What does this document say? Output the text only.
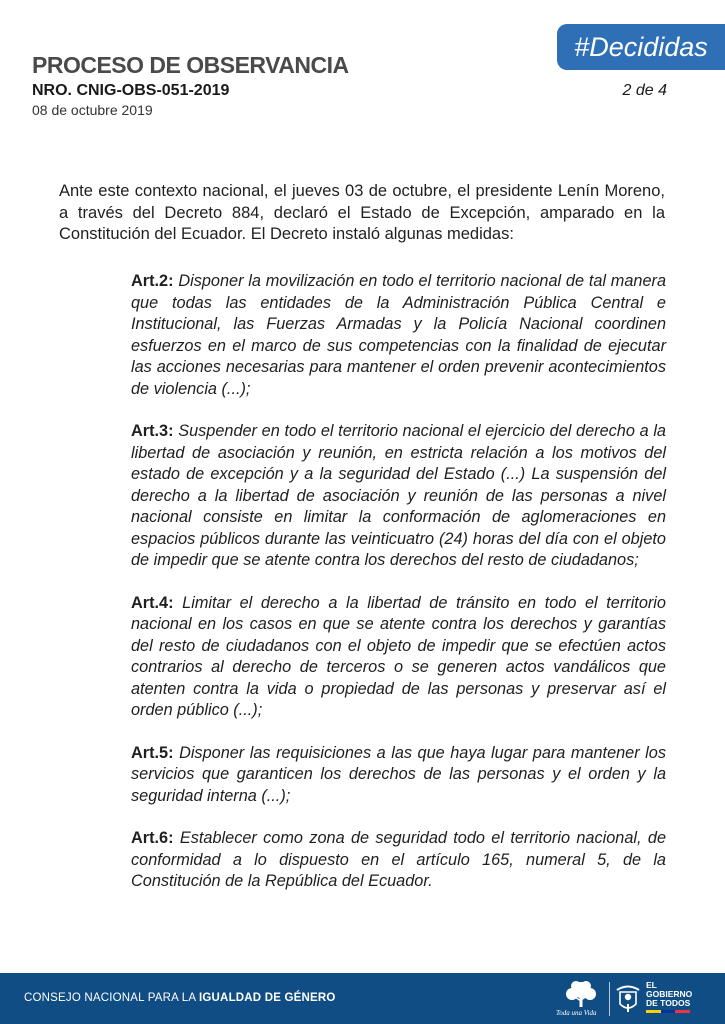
#Decididas
PROCESO DE OBSERVANCIA
NRO. CNIG-OBS-051-2019
08 de octubre 2019
2 de 4

Ante este contexto nacional, el jueves 03 de octubre, el presidente Lenín Moreno, a través del Decreto 884, declaró el Estado de Excepción, amparado en la Constitución del Ecuador. El Decreto instaló algunas medidas:

Art.2: Disponer la movilización en todo el territorio nacional de tal manera que todas las entidades de la Administración Pública Central e Institucional, las Fuerzas Armadas y la Policía Nacional coordinen esfuerzos en el marco de sus competencias con la finalidad de ejecutar las acciones necesarias para mantener el orden prevenir acontecimientos de violencia (...);

Art.3: Suspender en todo el territorio nacional el ejercicio del derecho a la libertad de asociación y reunión, en estricta relación a los motivos del estado de excepción y a la seguridad del Estado (...) La suspensión del derecho a la libertad de asociación y reunión de las personas a nivel nacional consiste en limitar la conformación de aglomeraciones en espacios públicos durante las veinticuatro (24) horas del día con el objeto de impedir que se atente contra los derechos del resto de ciudadanos;

Art.4: Limitar el derecho a la libertad de tránsito en todo el territorio nacional en los casos en que se atente contra los derechos y garantías del resto de ciudadanos con el objeto de impedir que se efectúen actos contrarios al derecho de terceros o se generen actos vandálicos que atenten contra la vida o propiedad de las personas y preservar así el orden público (...);

Art.5: Disponer las requisiciones a las que haya lugar para mantener los servicios que garanticen los derechos de las personas y el orden y la seguridad interna (...);

Art.6: Establecer como zona de seguridad todo el territorio nacional, de conformidad a lo dispuesto en el artículo 165, numeral 5, de la Constitución de la República del Ecuador.

CONSEJO NACIONAL PARA LA IGUALDAD DE GÉNERO
Toda una Vida
EL
GOBIERNO
DE TODOS
